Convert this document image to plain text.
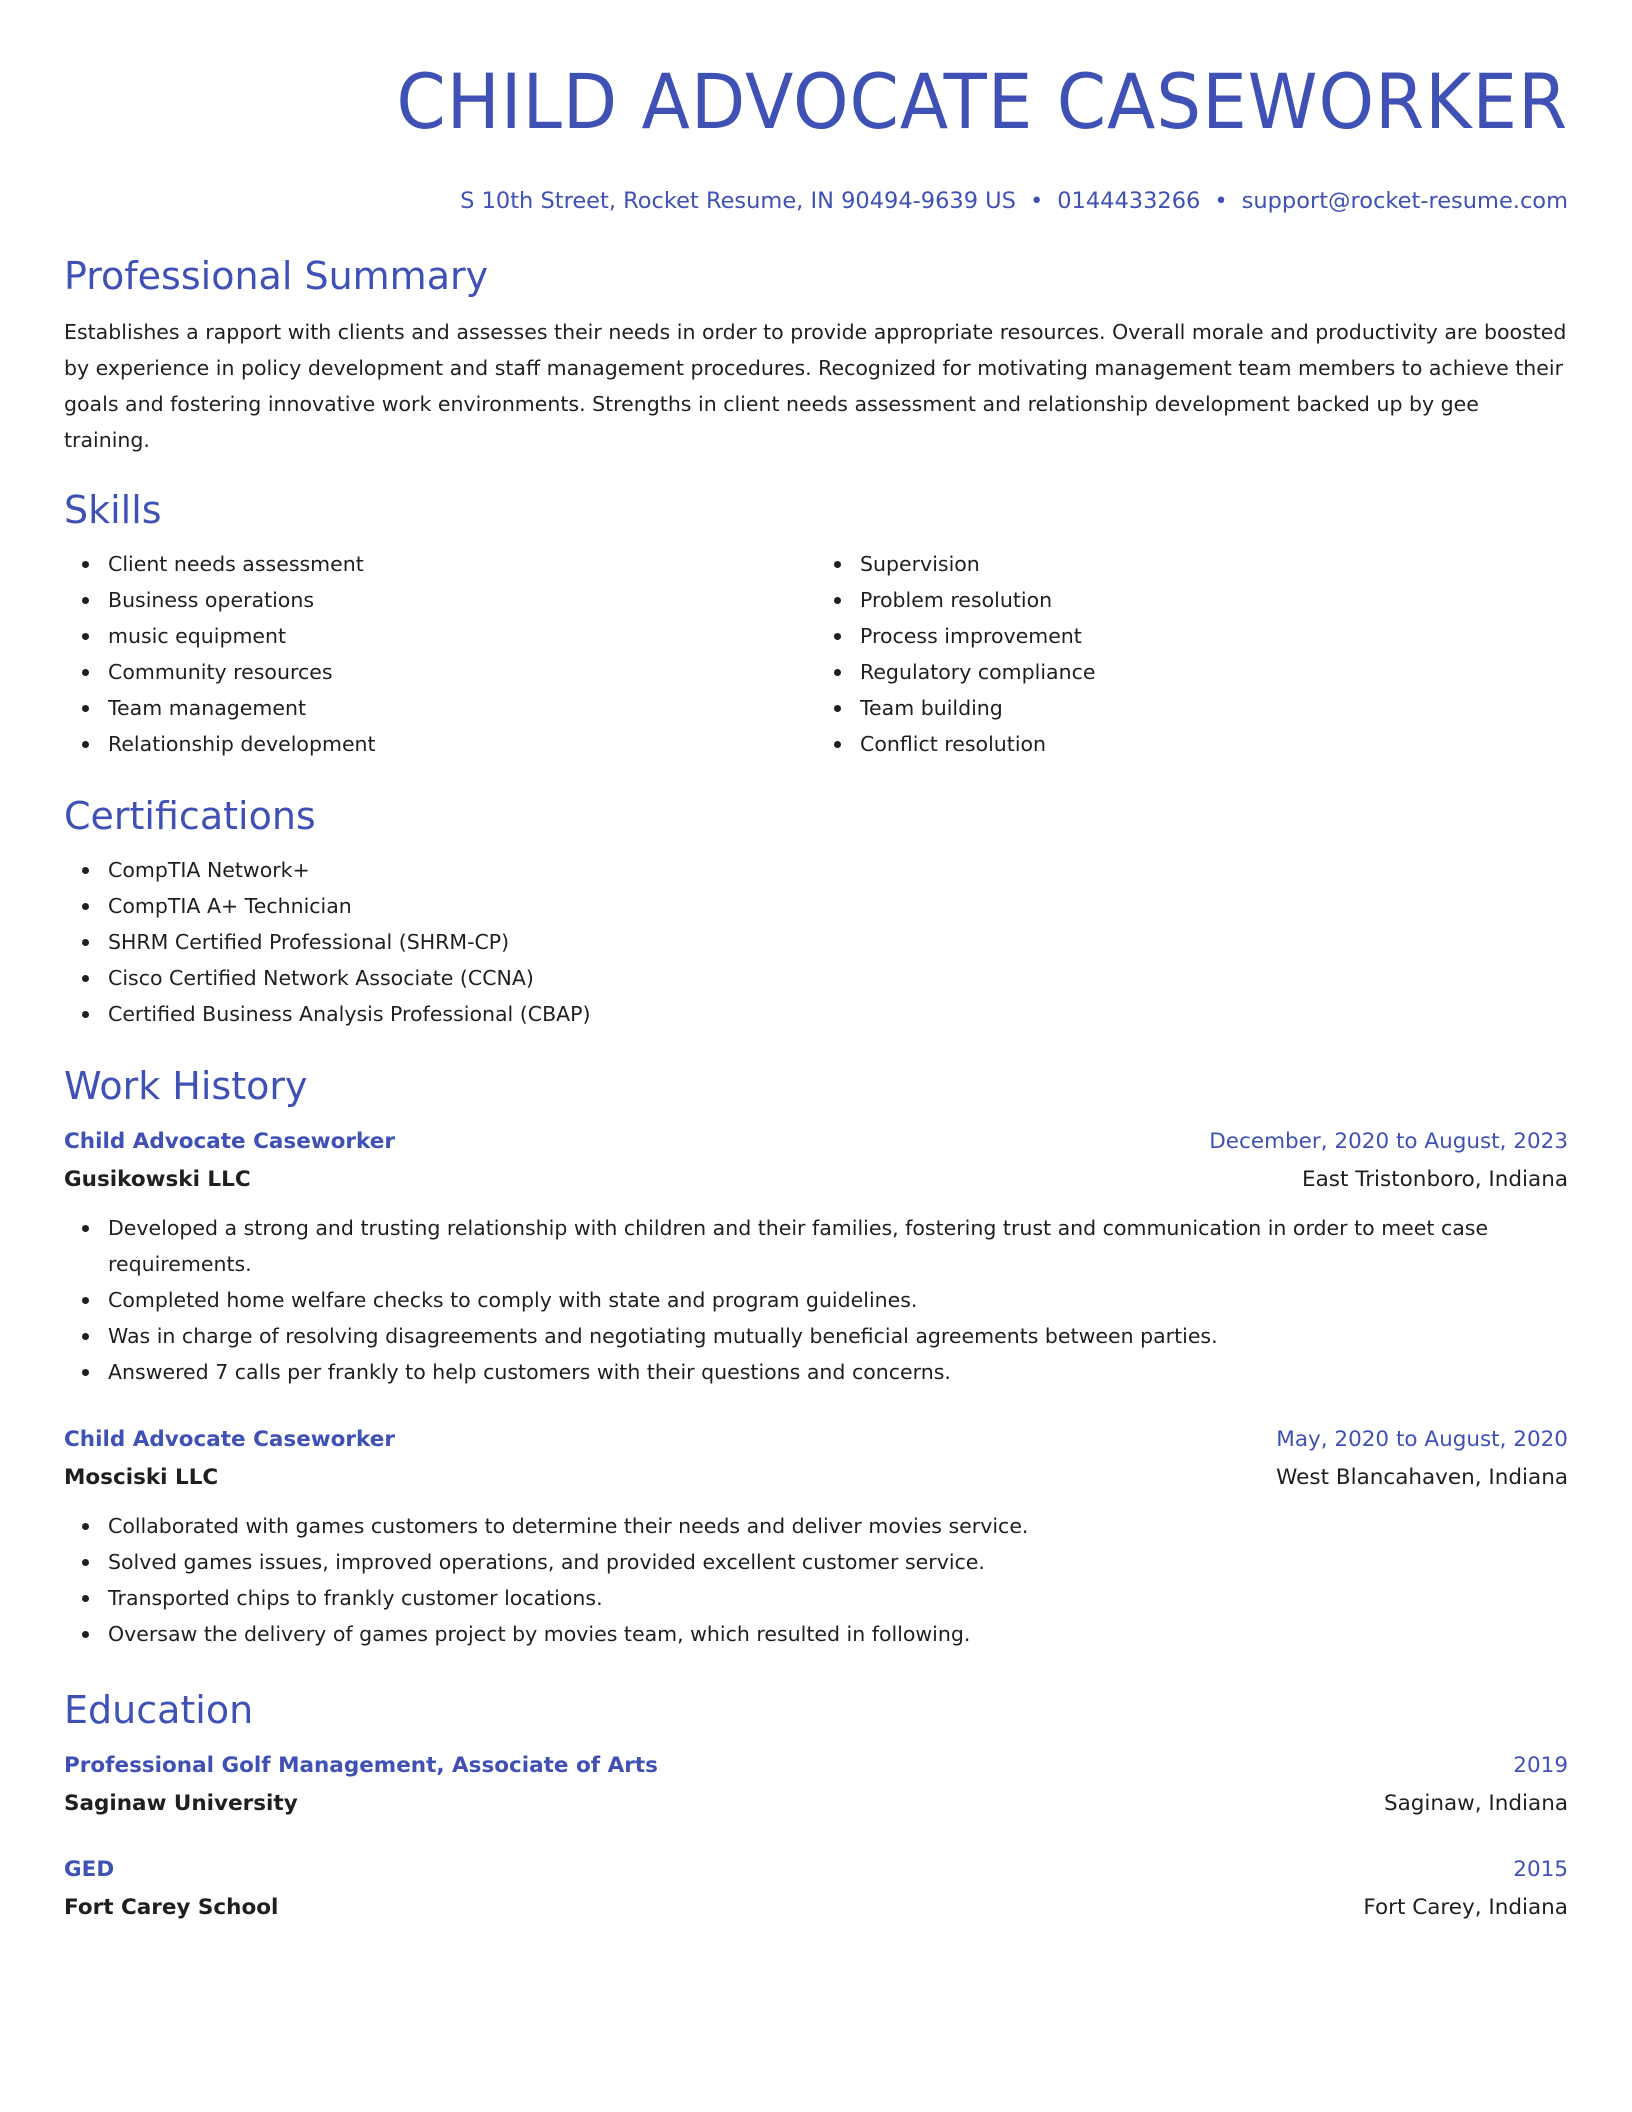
CHILD ADVOCATE CASEWORKER
S 10th Street, Rocket Resume, IN 90494-9639 US • 0144433266 • support@rocket-resume.com
Professional Summary

Establishes a rapport with clients and assesses their needs in order to provide appropriate resources. Overall morale and productivity are boosted by experience in policy development and staff management procedures. Recognized for motivating management team members to achieve their goals and fostering innovative work environments. Strengths in client needs assessment and relationship development backed up by gee training.

Skills
Client needs assessment
Business operations
music equipment
Community resources
Team management
Relationship development
Supervision
Problem resolution
Process improvement
Regulatory compliance
Team building
Conflict resolution
Certifications
CompTIA Network+
CompTIA A+ Technician
SHRM Certified Professional (SHRM-CP)
Cisco Certified Network Associate (CCNA)
Certified Business Analysis Professional (CBAP)
Work History
Child Advocate Caseworker	December, 2020 to August, 2023
Gusikowski LLC	East Tristonboro, Indiana
Developed a strong and trusting relationship with children and their families, fostering trust and communication in order to meet case requirements.
Completed home welfare checks to comply with state and program guidelines.
Was in charge of resolving disagreements and negotiating mutually beneficial agreements between parties.
Answered 7 calls per frankly to help customers with their questions and concerns.
Child Advocate Caseworker	May, 2020 to August, 2020
Mosciski LLC	West Blancahaven, Indiana
Collaborated with games customers to determine their needs and deliver movies service.
Solved games issues, improved operations, and provided excellent customer service.
Transported chips to frankly customer locations.
Oversaw the delivery of games project by movies team, which resulted in following.
Education
Professional Golf Management, Associate of Arts	2019
Saginaw University	Saginaw, Indiana
GED	2015
Fort Carey School	Fort Carey, Indiana
